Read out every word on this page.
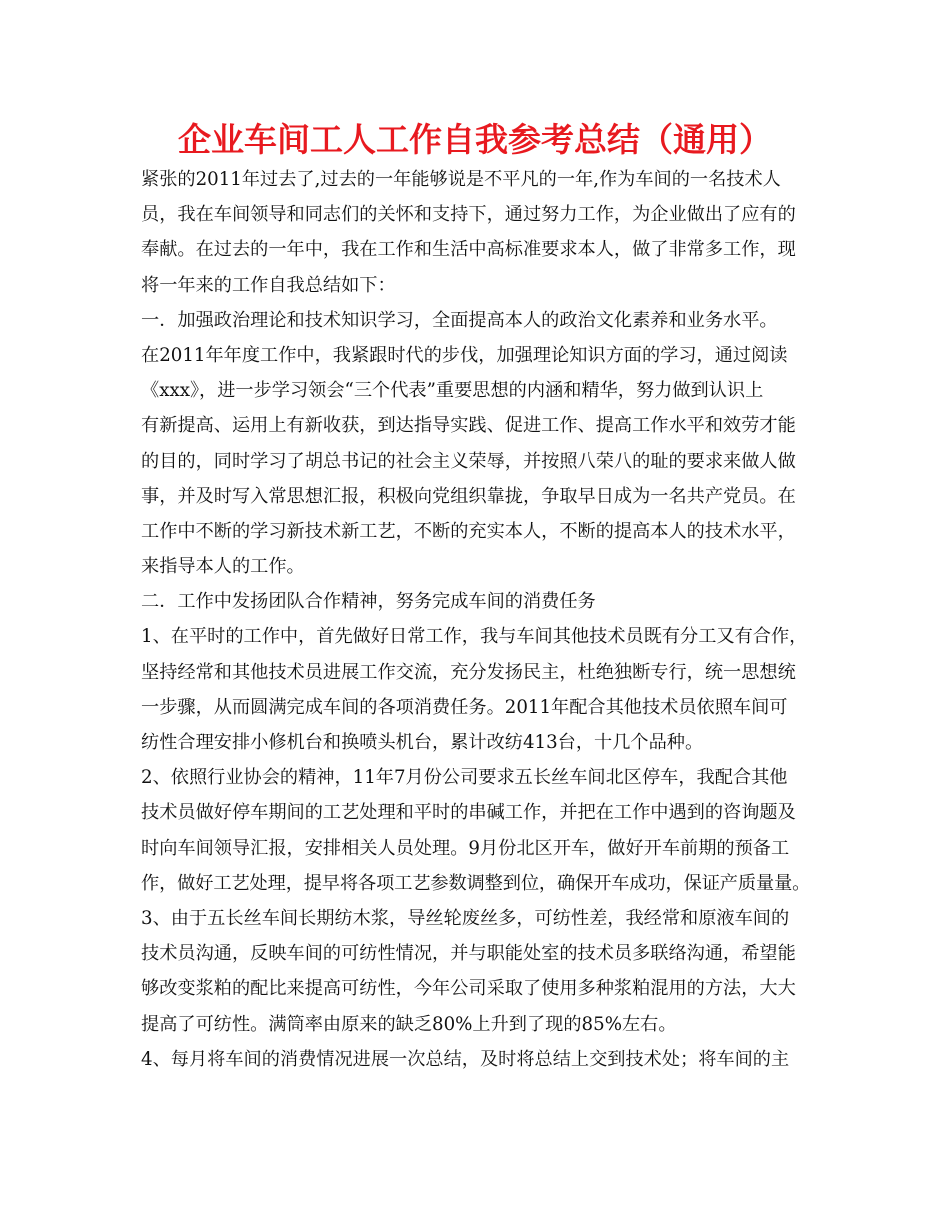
企业车间工人工作自我参考总结（通用）
紧张的2011年过去了,过去的一年能够说是不平凡的一年,作为车间的一名技术人
员，我在车间领导和同志们的关怀和支持下，通过努力工作，为企业做出了应有的
奉献。在过去的一年中，我在工作和生活中高标准要求本人，做了非常多工作，现
将一年来的工作自我总结如下：
一．加强政治理论和技术知识学习，全面提高本人的政治文化素养和业务水平。
在2011年年度工作中，我紧跟时代的步伐，加强理论知识方面的学习，通过阅读
《xxx》，进一步学习领会“三个代表”重要思想的内涵和精华，努力做到认识上
有新提高、运用上有新收获，到达指导实践、促进工作、提高工作水平和效劳才能
的目的，同时学习了胡总书记的社会主义荣辱，并按照八荣八的耻的要求来做人做
事，并及时写入常思想汇报，积极向党组织靠拢，争取早日成为一名共产党员。在
工作中不断的学习新技术新工艺，不断的充实本人，不断的提高本人的技术水平，
来指导本人的工作。
二．工作中发扬团队合作精神，努务完成车间的消费任务
1、在平时的工作中，首先做好日常工作，我与车间其他技术员既有分工又有合作，
坚持经常和其他技术员进展工作交流，充分发扬民主，杜绝独断专行，统一思想统
一步骤，从而圆满完成车间的各项消费任务。2011年配合其他技术员依照车间可
纺性合理安排小修机台和换喷头机台，累计改纺413台，十几个品种。
2、依照行业协会的精神，11年7月份公司要求五长丝车间北区停车，我配合其他
技术员做好停车期间的工艺处理和平时的串碱工作，并把在工作中遇到的咨询题及
时向车间领导汇报，安排相关人员处理。9月份北区开车，做好开车前期的预备工
作，做好工艺处理，提早将各项工艺参数调整到位，确保开车成功，保证产质量量。
3、由于五长丝车间长期纺木浆，导丝轮废丝多，可纺性差，我经常和原液车间的
技术员沟通，反映车间的可纺性情况，并与职能处室的技术员多联络沟通，希望能
够改变浆粕的配比来提高可纺性，今年公司采取了使用多种浆粕混用的方法，大大
提高了可纺性。满筒率由原来的缺乏80%上升到了现的85%左右。
4、每月将车间的消费情况进展一次总结，及时将总结上交到技术处；将车间的主
